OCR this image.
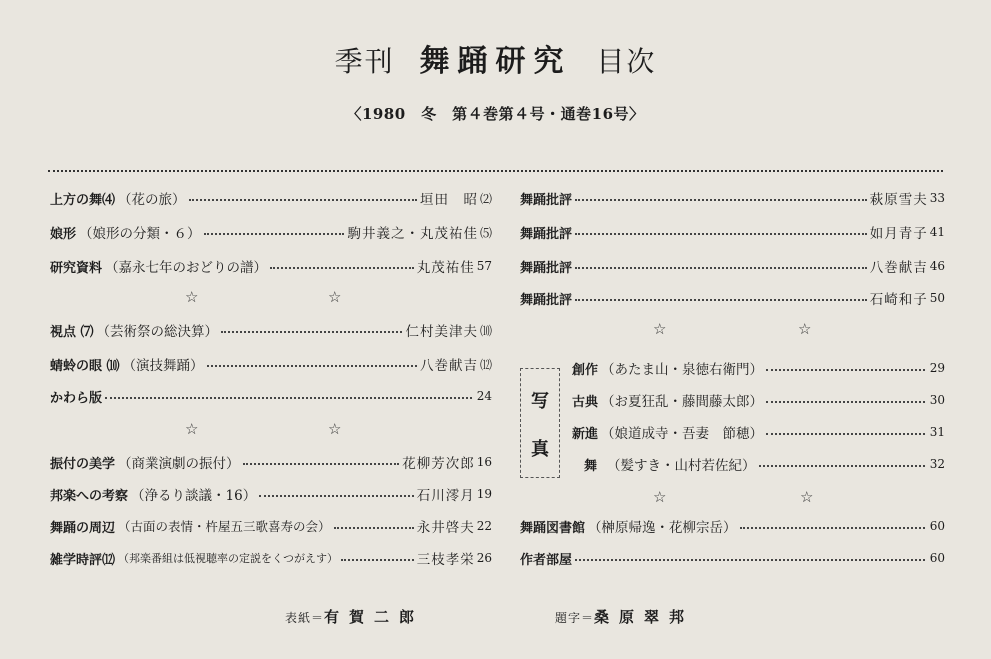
季刊 舞踊研究 目次
〈1980　冬　第４巻第４号・通巻16号〉
上方の舞⑷ （花の旅）	垣田　昭 ⑵
娘形 （娘形の分類・６）	駒井義之・丸茂祐佳 ⑸
研究資料 （嘉永七年のおどりの譜）	丸茂祐佳 57
☆	☆
視点 ⑺ （芸術祭の総決算）	仁村美津夫 ⑽
蜻蛉の眼 ⑽ （演技舞踊）	八巻献吉 ⑿
かわら版	24
☆	☆
振付の美学 （商業演劇の振付）	花柳芳次郎 16
邦楽への考察 （浄るり談議・16）	石川澪月 19
舞踊の周辺 （古面の表情・杵屋五三歌喜寿の会）	永井啓夫 22
雑学時評⑿ （邦楽番組は低視聴率の定説をくつがえす）	三枝孝栄 26
舞踊批評	萩原雪夫 33
舞踊批評	如月青子 41
舞踊批評	八巻献吉 46
舞踊批評	石崎和子 50
☆	☆
写
真
創作 （あたま山・泉徳右衛門）	29
古典 （お夏狂乱・藤間藤太郎）	30
新進 （娘道成寺・吾妻　節穂）	31
舞 （髪すき・山村若佐紀）	32
☆	☆
舞踊図書館 （榊原帰逸・花柳宗岳）	60
作者部屋	60
表紙＝有賀二郎	題字＝桑原翠邦
